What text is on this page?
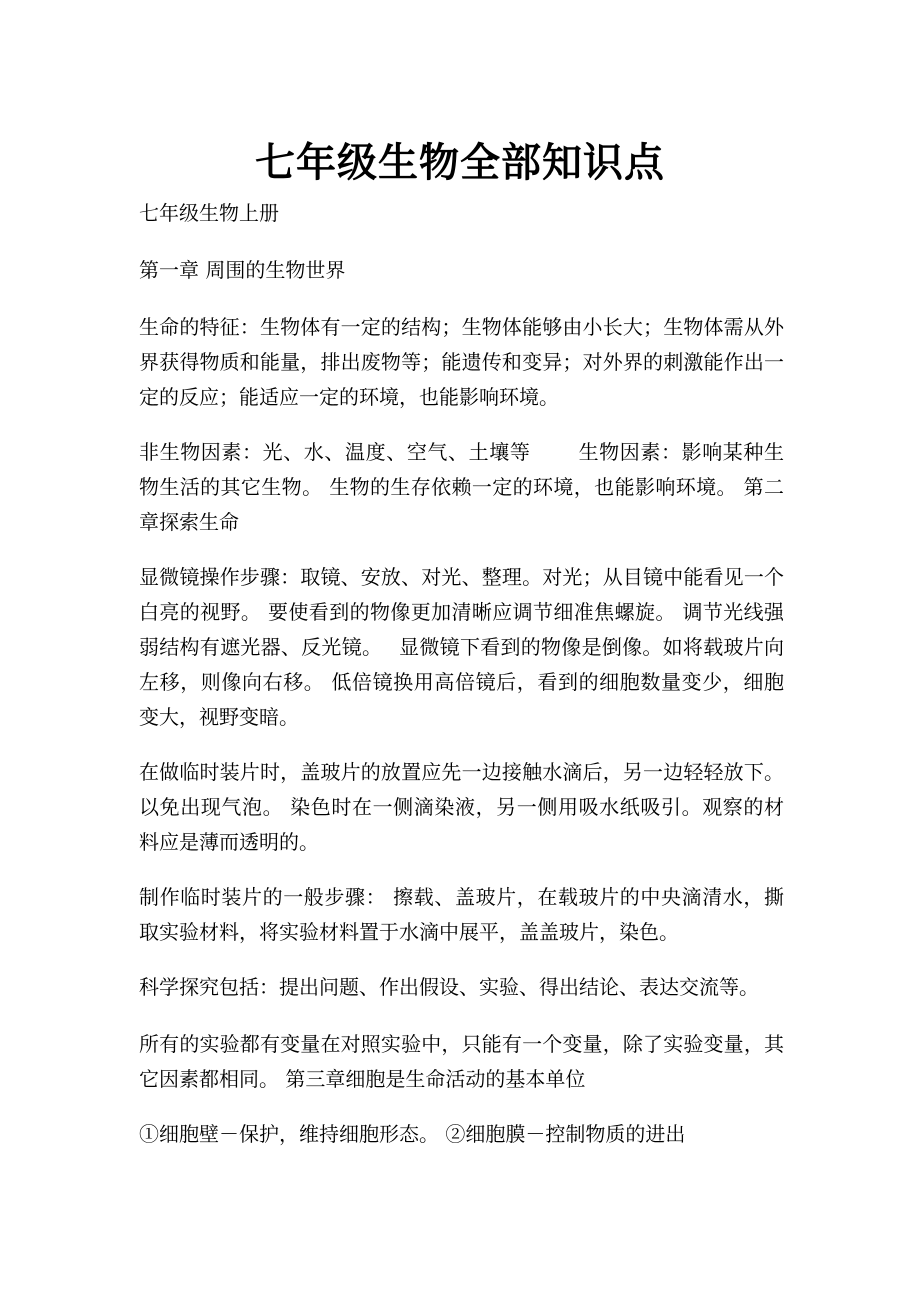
七年级生物全部知识点

七年级生物上册

第一章 周围的生物世界

生命的特征：生物体有一定的结构；生物体能够由小长大；生物体需从外界获得物质和能量，排出废物等；能遗传和变异；对外界的刺激能作出一定的反应；能适应一定的环境，也能影响环境。

非生物因素：光、水、温度、空气、土壤等　　 生物因素：影响某种生物生活的其它生物。 生物的生存依赖一定的环境，也能影响环境。 第二章探索生命

显微镜操作步骤：取镜、安放、对光、整理。对光；从目镜中能看见一个白亮的视野。 要使看到的物像更加清晰应调节细准焦螺旋。 调节光线强弱结构有遮光器、反光镜。　 显微镜下看到的物像是倒像。如将载玻片向左移，则像向右移。 低倍镜换用高倍镜后，看到的细胞数量变少，细胞变大，视野变暗。

在做临时装片时，盖玻片的放置应先一边接触水滴后，另一边轻轻放下。以免出现气泡。 染色时在一侧滴染液，另一侧用吸水纸吸引。观察的材料应是薄而透明的。

制作临时装片的一般步骤： 擦载、盖玻片，在载玻片的中央滴清水，撕取实验材料，将实验材料置于水滴中展平，盖盖玻片，染色。

科学探究包括：提出问题、作出假设、实验、得出结论、表达交流等。

所有的实验都有变量在对照实验中，只能有一个变量，除了实验变量，其它因素都相同。 第三章细胞是生命活动的基本单位

①细胞壁－保护，维持细胞形态。 ②细胞膜－控制物质的进出
